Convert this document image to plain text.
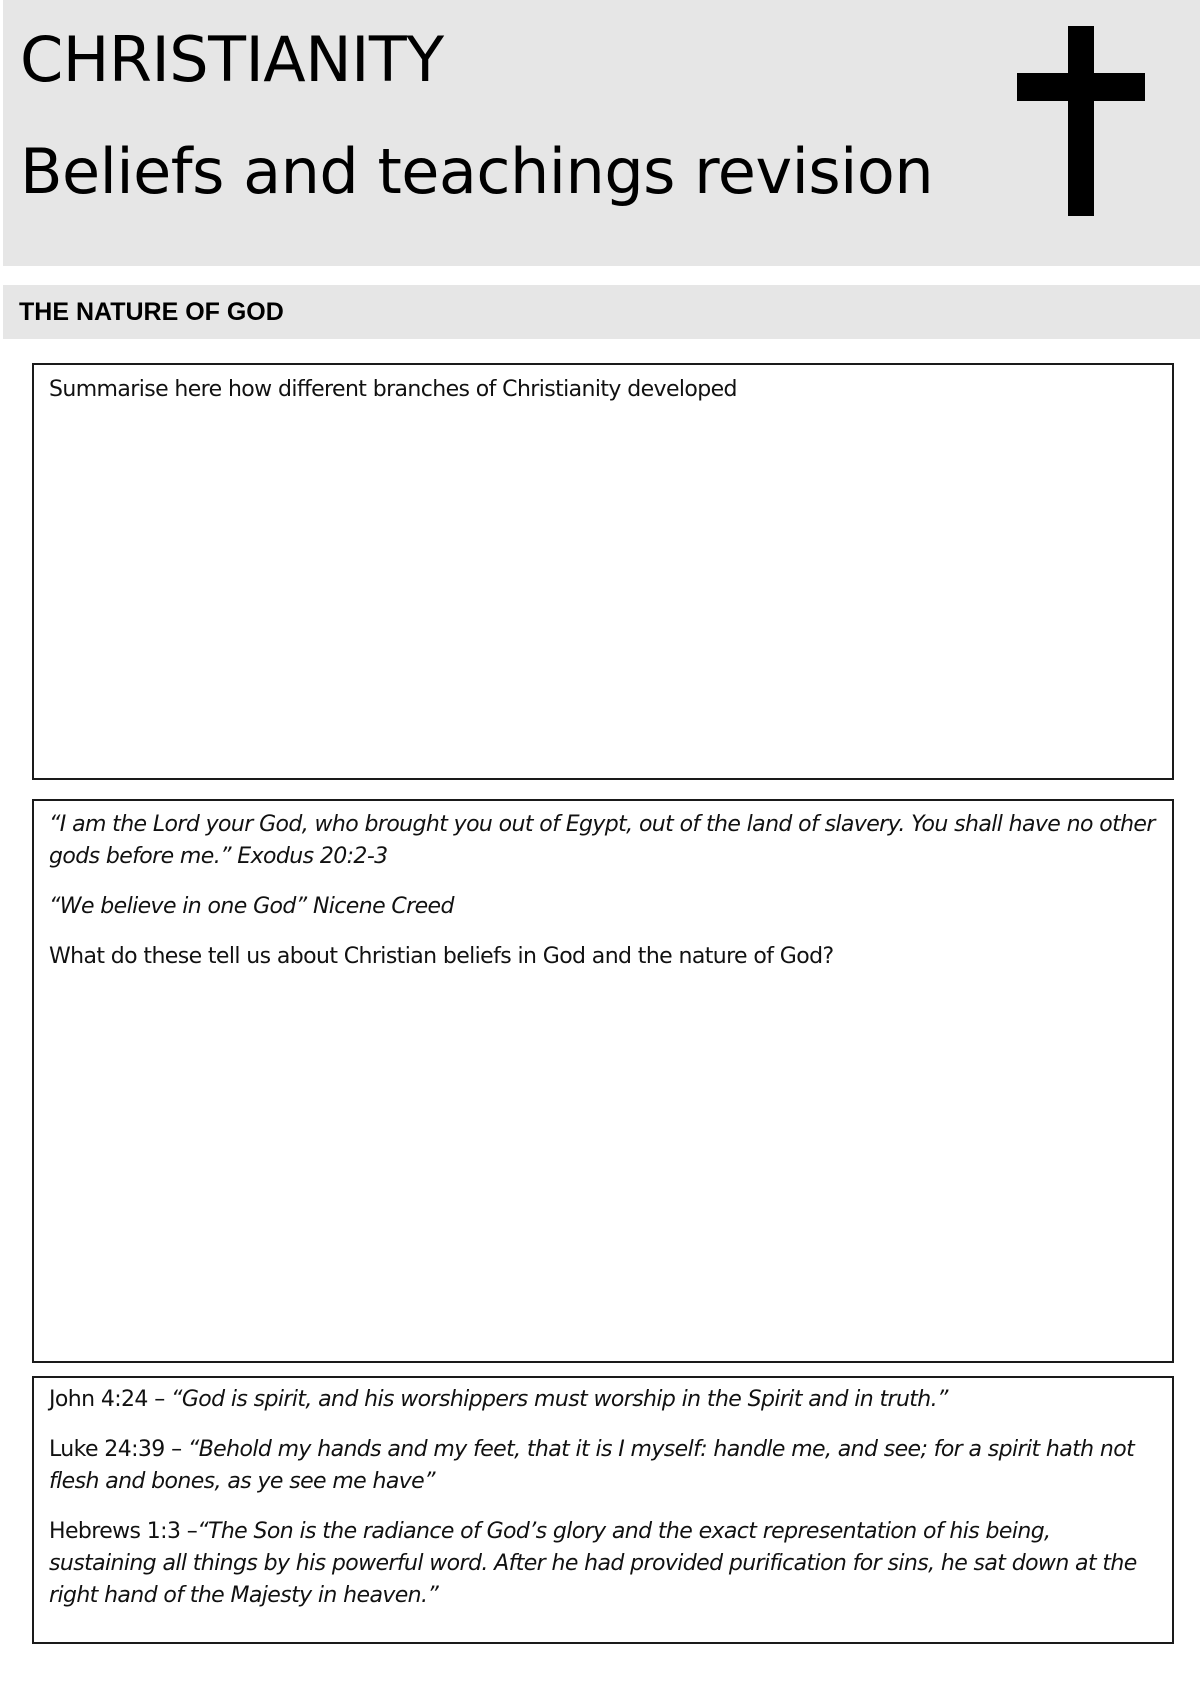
CHRISTIANITY
Beliefs and teachings revision
THE NATURE OF GOD

Summarise here how different branches of Christianity developed

“I am the Lord your God, who brought you out of Egypt, out of the land of slavery. You shall have no other gods before me.” Exodus 20:2-3

“We believe in one God” Nicene Creed

What do these tell us about Christian beliefs in God and the nature of God?

John 4:24 – “God is spirit, and his worshippers must worship in the Spirit and in truth.”

Luke 24:39 – “Behold my hands and my feet, that it is I myself: handle me, and see; for a spirit hath not flesh and bones, as ye see me have”

Hebrews 1:3 –“The Son is the radiance of God’s glory and the exact representation of his being, sustaining all things by his powerful word. After he had provided purification for sins, he sat down at the right hand of the Majesty in heaven.”
